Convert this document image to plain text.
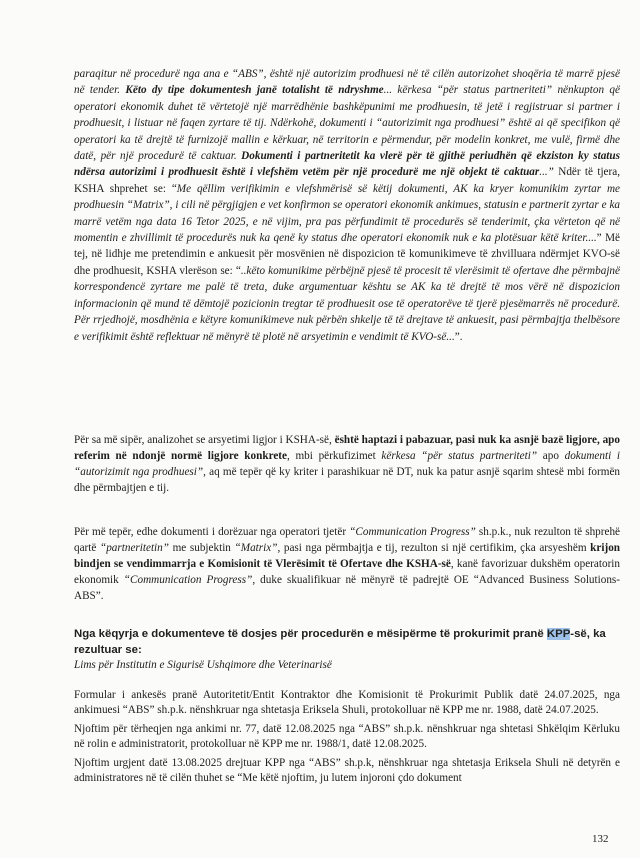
paraqitur në procedurë nga ana e “ABS”, është një autorizim prodhuesi në të cilën autorizohet shoqëria të marrë pjesë në tender. Këto dy tipe dokumentesh janë totalisht të ndryshme... kërkesa “për status partneriteti” nënkupton që operatori ekonomik duhet të vërtetojë një marrëdhënie bashkëpunimi me prodhuesin, të jetë i regjistruar si partner i prodhuesit, i listuar në faqen zyrtare të tij. Ndërkohë, dokumenti i “autorizimit nga prodhuesi” është ai që specifikon që operatori ka të drejtë të furnizojë mallin e kërkuar, në territorin e përmendur, për modelin konkret, me vulë, firmë dhe datë, për një procedurë të caktuar. Dokumenti i partneritetit ka vlerë për të gjithë periudhën që ekziston ky status ndërsa autorizimi i prodhuesit është i vlefshëm vetëm për një procedurë me një objekt të caktuar...” Ndër të tjera, KSHA shprehet se: “Me qëllim verifikimin e vlefshmërisë së këtij dokumenti, AK ka kryer komunikim zyrtar me prodhuesin “Matrix”, i cili në përgjigjen e vet konfirmon se operatori ekonomik ankimues, statusin e partnerit zyrtar e ka marrë vetëm nga data 16 Tetor 2025, e në vijim, pra pas përfundimit të procedurës së tenderimit, çka vërteton që në momentin e zhvillimit të procedurës nuk ka qenë ky status dhe operatori ekonomik nuk e ka plotësuar këtë kriter....” Më tej, në lidhje me pretendimin e ankuesit për mosvënien në dispozicion të komunikimeve të zhvilluara ndërmjet KVO-së dhe prodhuesit, KSHA vlerëson se: “..këto komunikime përbëjnë pjesë të procesit të vlerësimit të ofertave dhe përmbajnë korrespondencë zyrtare me palë të treta, duke argumentuar kështu se AK ka të drejtë të mos vërë në dispozicion informacionin që mund të dëmtojë pozicionin tregtar të prodhuesit ose të operatorëve të tjerë pjesëmarrës në procedurë. Për rrjedhojë, mosdhënia e këtyre komunikimeve nuk përbën shkelje të të drejtave të ankuesit, pasi përmbajtja thelbësore e verifikimit është reflektuar në mënyrë të plotë në arsyetimin e vendimit të KVO-së...”.
Për sa më sipër, analizohet se arsyetimi ligjor i KSHA-së, është haptazi i pabazuar, pasi nuk ka asnjë bazë ligjore, apo referim në ndonjë normë ligjore konkrete, mbi përkufizimet kërkesa “për status partneriteti” apo dokumenti i “autorizimit nga prodhuesi”, aq më tepër që ky kriter i parashikuar në DT, nuk ka patur asnjë sqarim shtesë mbi formën dhe përmbajtjen e tij.
Për më tepër, edhe dokumenti i dorëzuar nga operatori tjetër “Communication Progress” sh.p.k., nuk rezulton të shprehë qartë “partneritetin” me subjektin “Matrix”, pasi nga përmbajtja e tij, rezulton si një certifikim, çka arsyeshëm krijon bindjen se vendimmarrja e Komisionit të Vlerësimit të Ofertave dhe KSHA-së, kanë favorizuar dukshëm operatorin ekonomik “Communication Progress”, duke skualifikuar në mënyrë të padrejtë OE “Advanced Business Solutions-ABS”.
Nga këqyrja e dokumenteve të dosjes për procedurën e mësipërme të prokurimit pranë KPP-së, ka rezultuar se:
Lims për Institutin e Sigurisë Ushqimore dhe Veterinarisë

Formular i ankesës pranë Autoritetit/Entit Kontraktor dhe Komisionit të Prokurimit Publik datë 24.07.2025, nga ankimuesi “ABS” sh.p.k. nënshkruar nga shtetasja Eriksela Shuli, protokolluar në KPP me nr. 1988, datë 24.07.2025.

Njoftim për tërheqjen nga ankimi nr. 77, datë 12.08.2025 nga “ABS” sh.p.k. nënshkruar nga shtetasi Shkëlqim Kërluku në rolin e administratorit, protokolluar në KPP me nr. 1988/1, datë 12.08.2025.

Njoftim urgjent datë 13.08.2025 drejtuar KPP nga “ABS” sh.p.k, nënshkruar nga shtetasja Eriksela Shuli në detyrën e administratores në të cilën thuhet se “Me këtë njoftim, ju lutem injoroni çdo dokument

132
